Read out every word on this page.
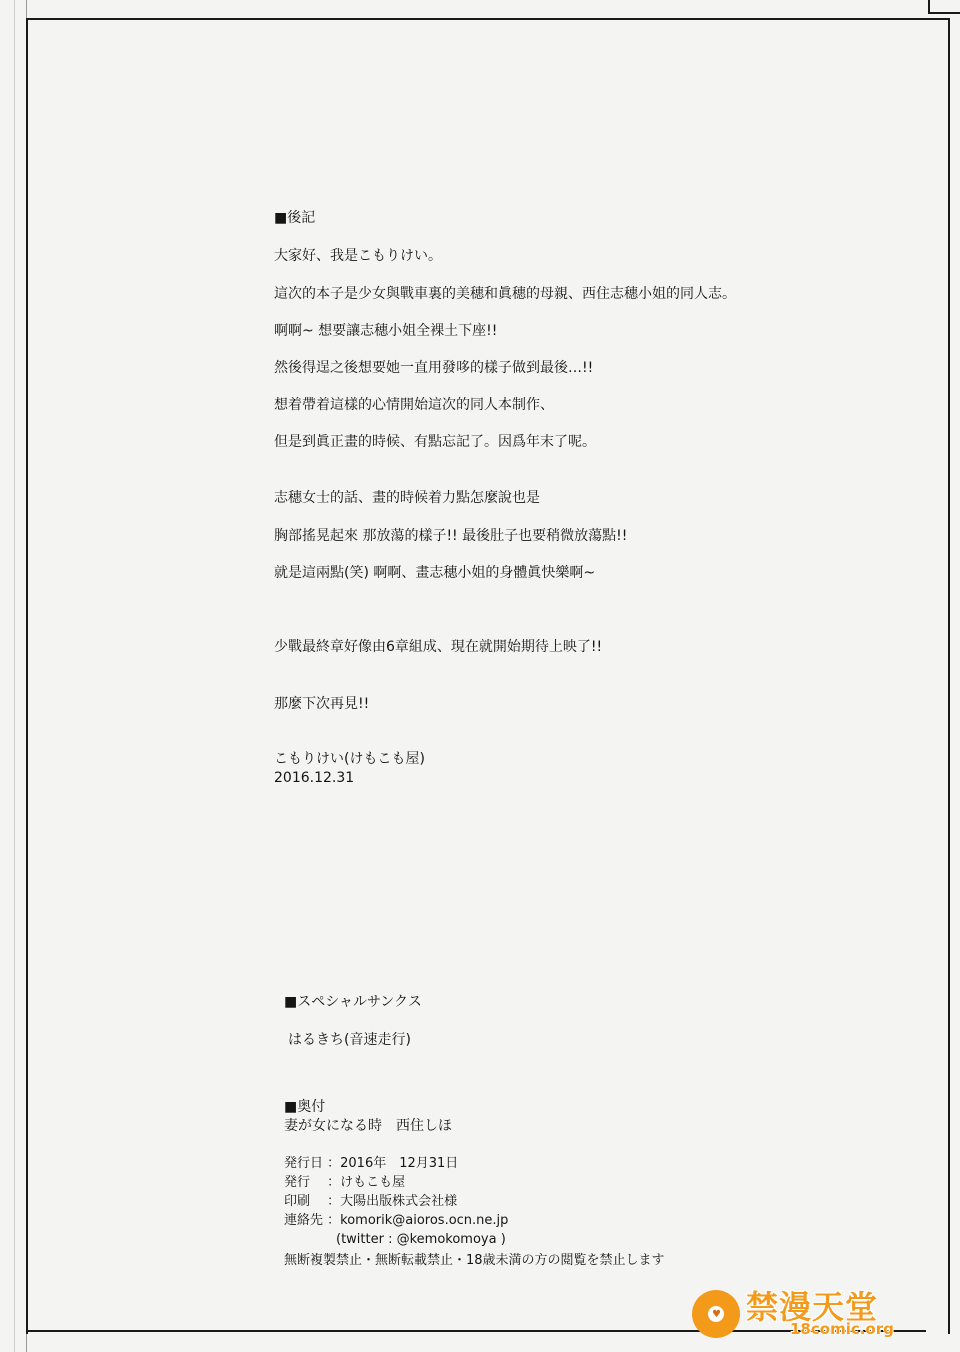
■後記
大家好、我是こもりけい。
這次的本子是少女與戰車裏的美穗和眞穗的母親、西住志穗小姐的同人志。
啊啊~ 想要讓志穗小姐全裸土下座!!
然後得逞之後想要她一直用發哆的樣子做到最後…!!
想着帶着這樣的心情開始這次的同人本制作、
但是到眞正畫的時候、有點忘記了。因爲年末了呢。
志穗女士的話、畫的時候着力點怎麼說也是
胸部搖晃起來 那放蕩的樣子!! 最後肚子也要稍微放蕩點!!
就是這兩點(笑) 啊啊、畫志穗小姐的身體眞快樂啊~
少戰最終章好像由6章組成、現在就開始期待上映了!!
那麼下次再見!!
こもりけい(けもこも屋)
2016.12.31
■スペシャルサンクス
はるきち(音速走行)
■奥付
妻が女になる時　西住しほ
発行日 ：2016年　12月31日
発行　 ：けもこも屋
印刷　 ：大陽出版株式会社様
連絡先 ：komorik@aioros.ocn.ne.jp
　　　　(twitter : @kemokomoya )
無断複製禁止・無断転載禁止・18歳未満の方の閲覧を禁止します
♥ 禁漫天堂
18comic.org
